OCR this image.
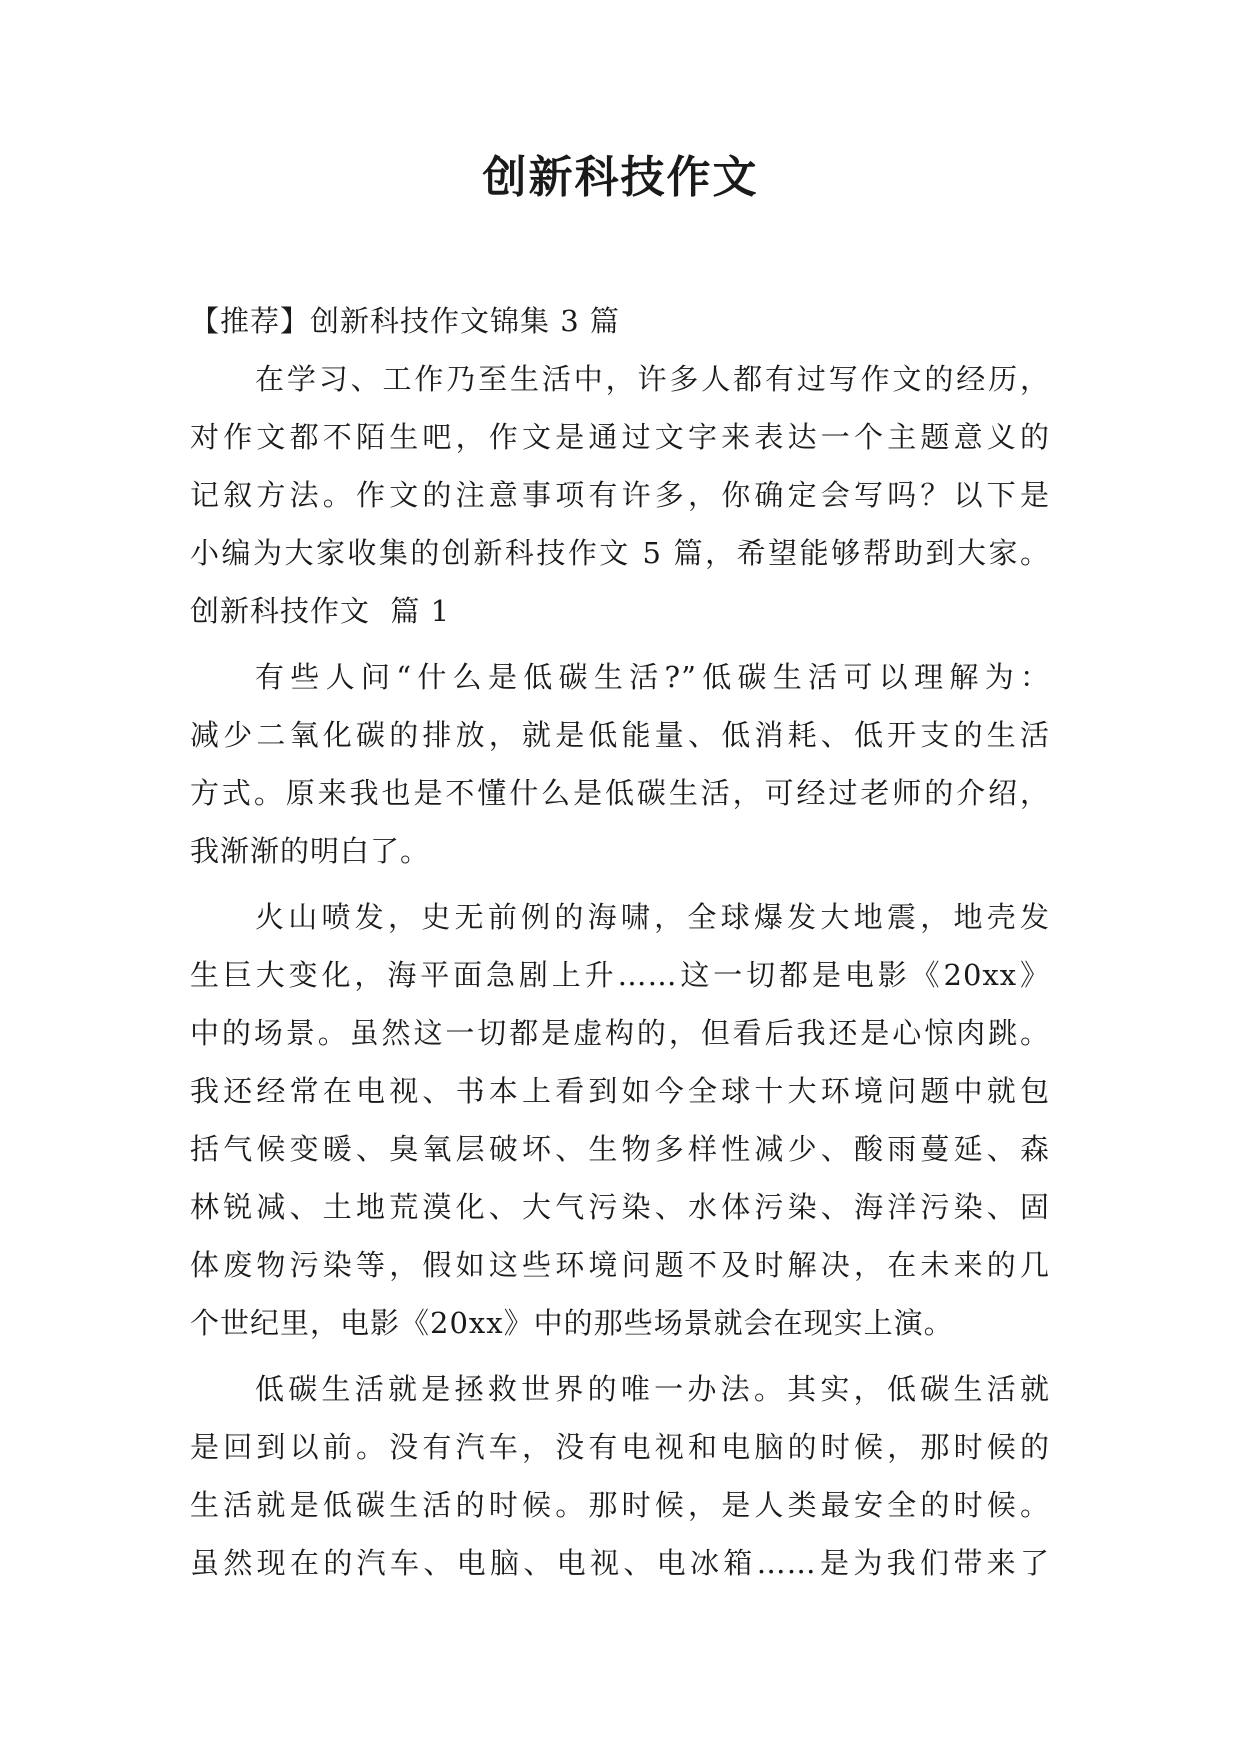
创新科技作文
【推荐】创新科技作文锦集 3 篇
在学习、工作乃至生活中，许多人都有过写作文的经历，
对作文都不陌生吧，作文是通过文字来表达一个主题意义的
记叙方法。作文的注意事项有许多，你确定会写吗？以下是
小编为大家收集的创新科技作文 5 篇，希望能够帮助到大家。
创新科技作文  篇 1
有些人问“什么是低碳生活?”低碳生活可以理解为：
减少二氧化碳的排放，就是低能量、低消耗、低开支的生活
方式。原来我也是不懂什么是低碳生活，可经过老师的介绍，
我渐渐的明白了。
火山喷发，史无前例的海啸，全球爆发大地震，地壳发
生巨大变化，海平面急剧上升……这一切都是电影《20xx》
中的场景。虽然这一切都是虚构的，但看后我还是心惊肉跳。
我还经常在电视、书本上看到如今全球十大环境问题中就包
括气候变暖、臭氧层破坏、生物多样性减少、酸雨蔓延、森
林锐减、土地荒漠化、大气污染、水体污染、海洋污染、固
体废物污染等，假如这些环境问题不及时解决，在未来的几
个世纪里，电影《20xx》中的那些场景就会在现实上演。
低碳生活就是拯救世界的唯一办法。其实，低碳生活就
是回到以前。没有汽车，没有电视和电脑的时候，那时候的
生活就是低碳生活的时候。那时候，是人类最安全的时候。
虽然现在的汽车、电脑、电视、电冰箱……是为我们带来了
